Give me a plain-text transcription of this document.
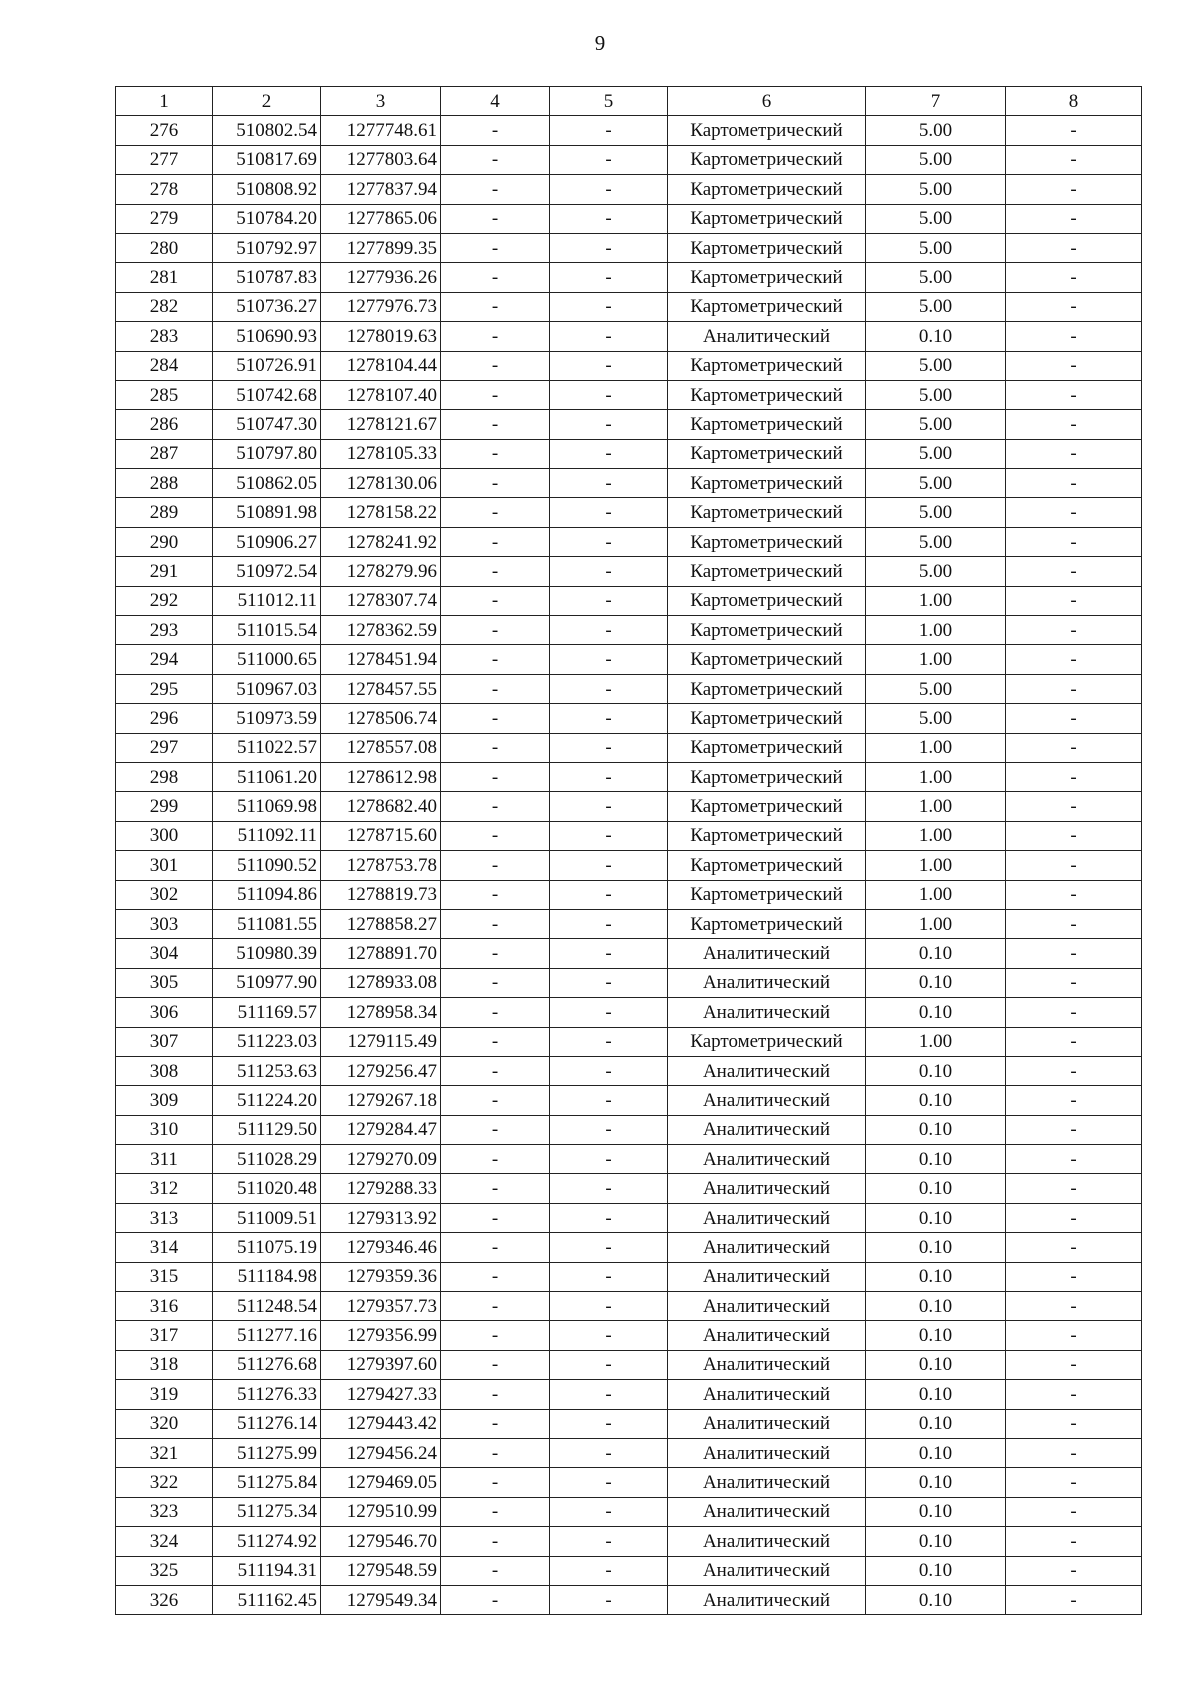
9
1	2	3	4	5	6	7	8
276	510802.54	1277748.61	-	-	Картометрический	5.00	-
277	510817.69	1277803.64	-	-	Картометрический	5.00	-
278	510808.92	1277837.94	-	-	Картометрический	5.00	-
279	510784.20	1277865.06	-	-	Картометрический	5.00	-
280	510792.97	1277899.35	-	-	Картометрический	5.00	-
281	510787.83	1277936.26	-	-	Картометрический	5.00	-
282	510736.27	1277976.73	-	-	Картометрический	5.00	-
283	510690.93	1278019.63	-	-	Аналитический	0.10	-
284	510726.91	1278104.44	-	-	Картометрический	5.00	-
285	510742.68	1278107.40	-	-	Картометрический	5.00	-
286	510747.30	1278121.67	-	-	Картометрический	5.00	-
287	510797.80	1278105.33	-	-	Картометрический	5.00	-
288	510862.05	1278130.06	-	-	Картометрический	5.00	-
289	510891.98	1278158.22	-	-	Картометрический	5.00	-
290	510906.27	1278241.92	-	-	Картометрический	5.00	-
291	510972.54	1278279.96	-	-	Картометрический	5.00	-
292	511012.11	1278307.74	-	-	Картометрический	1.00	-
293	511015.54	1278362.59	-	-	Картометрический	1.00	-
294	511000.65	1278451.94	-	-	Картометрический	1.00	-
295	510967.03	1278457.55	-	-	Картометрический	5.00	-
296	510973.59	1278506.74	-	-	Картометрический	5.00	-
297	511022.57	1278557.08	-	-	Картометрический	1.00	-
298	511061.20	1278612.98	-	-	Картометрический	1.00	-
299	511069.98	1278682.40	-	-	Картометрический	1.00	-
300	511092.11	1278715.60	-	-	Картометрический	1.00	-
301	511090.52	1278753.78	-	-	Картометрический	1.00	-
302	511094.86	1278819.73	-	-	Картометрический	1.00	-
303	511081.55	1278858.27	-	-	Картометрический	1.00	-
304	510980.39	1278891.70	-	-	Аналитический	0.10	-
305	510977.90	1278933.08	-	-	Аналитический	0.10	-
306	511169.57	1278958.34	-	-	Аналитический	0.10	-
307	511223.03	1279115.49	-	-	Картометрический	1.00	-
308	511253.63	1279256.47	-	-	Аналитический	0.10	-
309	511224.20	1279267.18	-	-	Аналитический	0.10	-
310	511129.50	1279284.47	-	-	Аналитический	0.10	-
311	511028.29	1279270.09	-	-	Аналитический	0.10	-
312	511020.48	1279288.33	-	-	Аналитический	0.10	-
313	511009.51	1279313.92	-	-	Аналитический	0.10	-
314	511075.19	1279346.46	-	-	Аналитический	0.10	-
315	511184.98	1279359.36	-	-	Аналитический	0.10	-
316	511248.54	1279357.73	-	-	Аналитический	0.10	-
317	511277.16	1279356.99	-	-	Аналитический	0.10	-
318	511276.68	1279397.60	-	-	Аналитический	0.10	-
319	511276.33	1279427.33	-	-	Аналитический	0.10	-
320	511276.14	1279443.42	-	-	Аналитический	0.10	-
321	511275.99	1279456.24	-	-	Аналитический	0.10	-
322	511275.84	1279469.05	-	-	Аналитический	0.10	-
323	511275.34	1279510.99	-	-	Аналитический	0.10	-
324	511274.92	1279546.70	-	-	Аналитический	0.10	-
325	511194.31	1279548.59	-	-	Аналитический	0.10	-
326	511162.45	1279549.34	-	-	Аналитический	0.10	-
